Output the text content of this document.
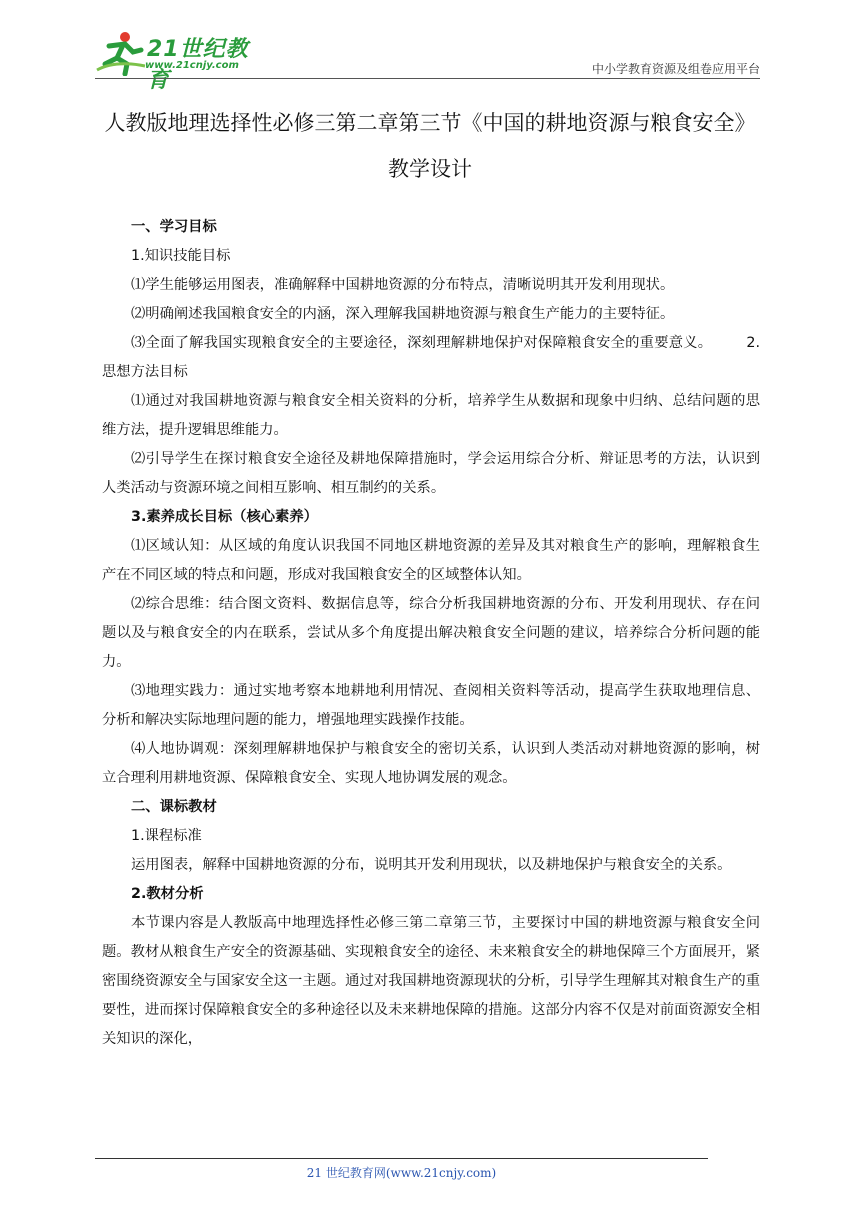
21世纪教育
www.21cnjy.com	中小学教育资源及组卷应用平台
人教版地理选择性必修三第二章第三节《中国的耕地资源与粮食安全》教学设计

一、学习目标

1.知识技能目标

⑴学生能够运用图表，准确解释中国耕地资源的分布特点，清晰说明其开发利用现状。

⑵明确阐述我国粮食安全的内涵，深入理解我国耕地资源与粮食生产能力的主要特征。

⑶全面了解我国实现粮食安全的主要途径，深刻理解耕地保护对保障粮食安全的重要意义。 2.思想方法目标

⑴通过对我国耕地资源与粮食安全相关资料的分析，培养学生从数据和现象中归纳、总结问题的思维方法，提升逻辑思维能力。

⑵引导学生在探讨粮食安全途径及耕地保障措施时，学会运用综合分析、辩证思考的方法，认识到人类活动与资源环境之间相互影响、相互制约的关系。

3.素养成长目标（核心素养）

⑴区域认知：从区域的角度认识我国不同地区耕地资源的差异及其对粮食生产的影响，理解粮食生产在不同区域的特点和问题，形成对我国粮食安全的区域整体认知。

⑵综合思维：结合图文资料、数据信息等，综合分析我国耕地资源的分布、开发利用现状、存在问题以及与粮食安全的内在联系，尝试从多个角度提出解决粮食安全问题的建议，培养综合分析问题的能力。

⑶地理实践力：通过实地考察本地耕地利用情况、查阅相关资料等活动，提高学生获取地理信息、分析和解决实际地理问题的能力，增强地理实践操作技能。

⑷人地协调观：深刻理解耕地保护与粮食安全的密切关系，认识到人类活动对耕地资源的影响，树立合理利用耕地资源、保障粮食安全、实现人地协调发展的观念。

二、课标教材

1.课程标准

运用图表，解释中国耕地资源的分布，说明其开发利用现状，以及耕地保护与粮食安全的关系。

2.教材分析

本节课内容是人教版高中地理选择性必修三第二章第三节，主要探讨中国的耕地资源与粮食安全问题。教材从粮食生产安全的资源基础、实现粮食安全的途径、未来粮食安全的耕地保障三个方面展开，紧密围绕资源安全与国家安全这一主题。通过对我国耕地资源现状的分析，引导学生理解其对粮食生产的重要性，进而探讨保障粮食安全的多种途径以及未来耕地保障的措施。这部分内容不仅是对前面资源安全相关知识的深化，

21 世纪教育网(www.21cnjy.com)
